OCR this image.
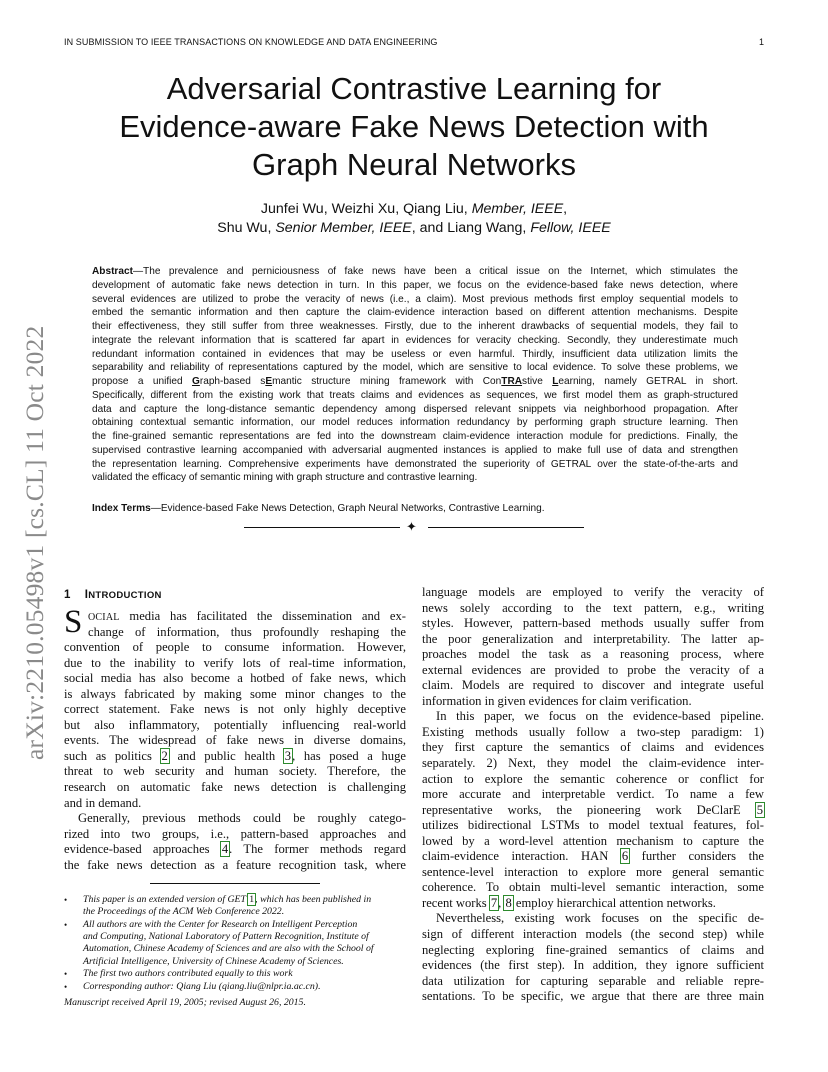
IN SUBMISSION TO IEEE TRANSACTIONS ON KNOWLEDGE AND DATA ENGINEERING	1
arXiv:2210.05498v1 [cs.CL] 11 Oct 2022
Adversarial Contrastive Learning for
Evidence-aware Fake News Detection with
Graph Neural Networks
Junfei Wu, Weizhi Xu, Qiang Liu, Member, IEEE,
Shu Wu, Senior Member, IEEE, and Liang Wang, Fellow, IEEE
Abstract—The prevalence and perniciousness of fake news have been a critical issue on the Internet, which stimulates the
development of automatic fake news detection in turn. In this paper, we focus on the evidence-based fake news detection, where
several evidences are utilized to probe the veracity of news (i.e., a claim). Most previous methods first employ sequential models to
embed the semantic information and then capture the claim-evidence interaction based on different attention mechanisms. Despite
their effectiveness, they still suffer from three weaknesses. Firstly, due to the inherent drawbacks of sequential models, they fail to
integrate the relevant information that is scattered far apart in evidences for veracity checking. Secondly, they underestimate much
redundant information contained in evidences that may be useless or even harmful. Thirdly, insufficient data utilization limits the
separability and reliability of representations captured by the model, which are sensitive to local evidence. To solve these problems, we
propose a unified Graph-based sEmantic structure mining framework with ConTRAstive Learning, namely GETRAL in short.
Specifically, different from the existing work that treats claims and evidences as sequences, we first model them as graph-structured
data and capture the long-distance semantic dependency among dispersed relevant snippets via neighborhood propagation. After
obtaining contextual semantic information, our model reduces information redundancy by performing graph structure learning. Then
the fine-grained semantic representations are fed into the downstream claim-evidence interaction module for predictions. Finally, the
supervised contrastive learning accompanied with adversarial augmented instances is applied to make full use of data and strengthen
the representation learning. Comprehensive experiments have demonstrated the superiority of GETRAL over the state-of-the-arts and
validated the efficacy of semantic mining with graph structure and contrastive learning.
Index Terms—Evidence-based Fake News Detection, Graph Neural Networks, Contrastive Learning.
✦
1 INTRODUCTION
S OCIAL media has facilitated the dissemination and ex-
change of information, thus profoundly reshaping the
convention of people to consume information. However,
due to the inability to verify lots of real-time information,
social media has also become a hotbed of fake news, which
is always fabricated by making some minor changes to the
correct statement. Fake news is not only highly deceptive
but also inflammatory, potentially influencing real-world
events. The widespread of fake news in diverse domains,
such as politics 2 and public health 3, has posed a huge
threat to web security and human society. Therefore, the
research on automatic fake news detection is challenging
and in demand.
Generally, previous methods could be roughly catego-
rized into two groups, i.e., pattern-based approaches and
evidence-based approaches 4. The former methods regard
the fake news detection as a feature recognition task, where
• This paper is an extended version of GET 1, which has been published in
the Proceedings of the ACM Web Conference 2022.
• All authors are with the Center for Research on Intelligent Perception
and Computing, National Laboratory of Pattern Recognition, Institute of
Automation, Chinese Academy of Sciences and are also with the School of
Artificial Intelligence, University of Chinese Academy of Sciences.
• The first two authors contributed equally to this work
• Corresponding author: Qiang Liu (qiang.liu@nlpr.ia.ac.cn).
Manuscript received April 19, 2005; revised August 26, 2015.
language models are employed to verify the veracity of
news solely according to the text pattern, e.g., writing
styles. However, pattern-based methods usually suffer from
the poor generalization and interpretability. The latter ap-
proaches model the task as a reasoning process, where
external evidences are provided to probe the veracity of a
claim. Models are required to discover and integrate useful
information in given evidences for claim verification.
In this paper, we focus on the evidence-based pipeline.
Existing methods usually follow a two-step paradigm: 1)
they first capture the semantics of claims and evidences
separately. 2) Next, they model the claim-evidence inter-
action to explore the semantic coherence or conflict for
more accurate and interpretable verdict. To name a few
representative works, the pioneering work DeClarE 5
utilizes bidirectional LSTMs to model textual features, fol-
lowed by a word-level attention mechanism to capture the
claim-evidence interaction. HAN 6 further considers the
sentence-level interaction to explore more general semantic
coherence. To obtain multi-level semantic interaction, some
recent works 7, 8 employ hierarchical attention networks.
Nevertheless, existing work focuses on the specific de-
sign of different interaction models (the second step) while
neglecting exploring fine-grained semantics of claims and
evidences (the first step). In addition, they ignore sufficient
data utilization for capturing separable and reliable repre-
sentations. To be specific, we argue that there are three main
